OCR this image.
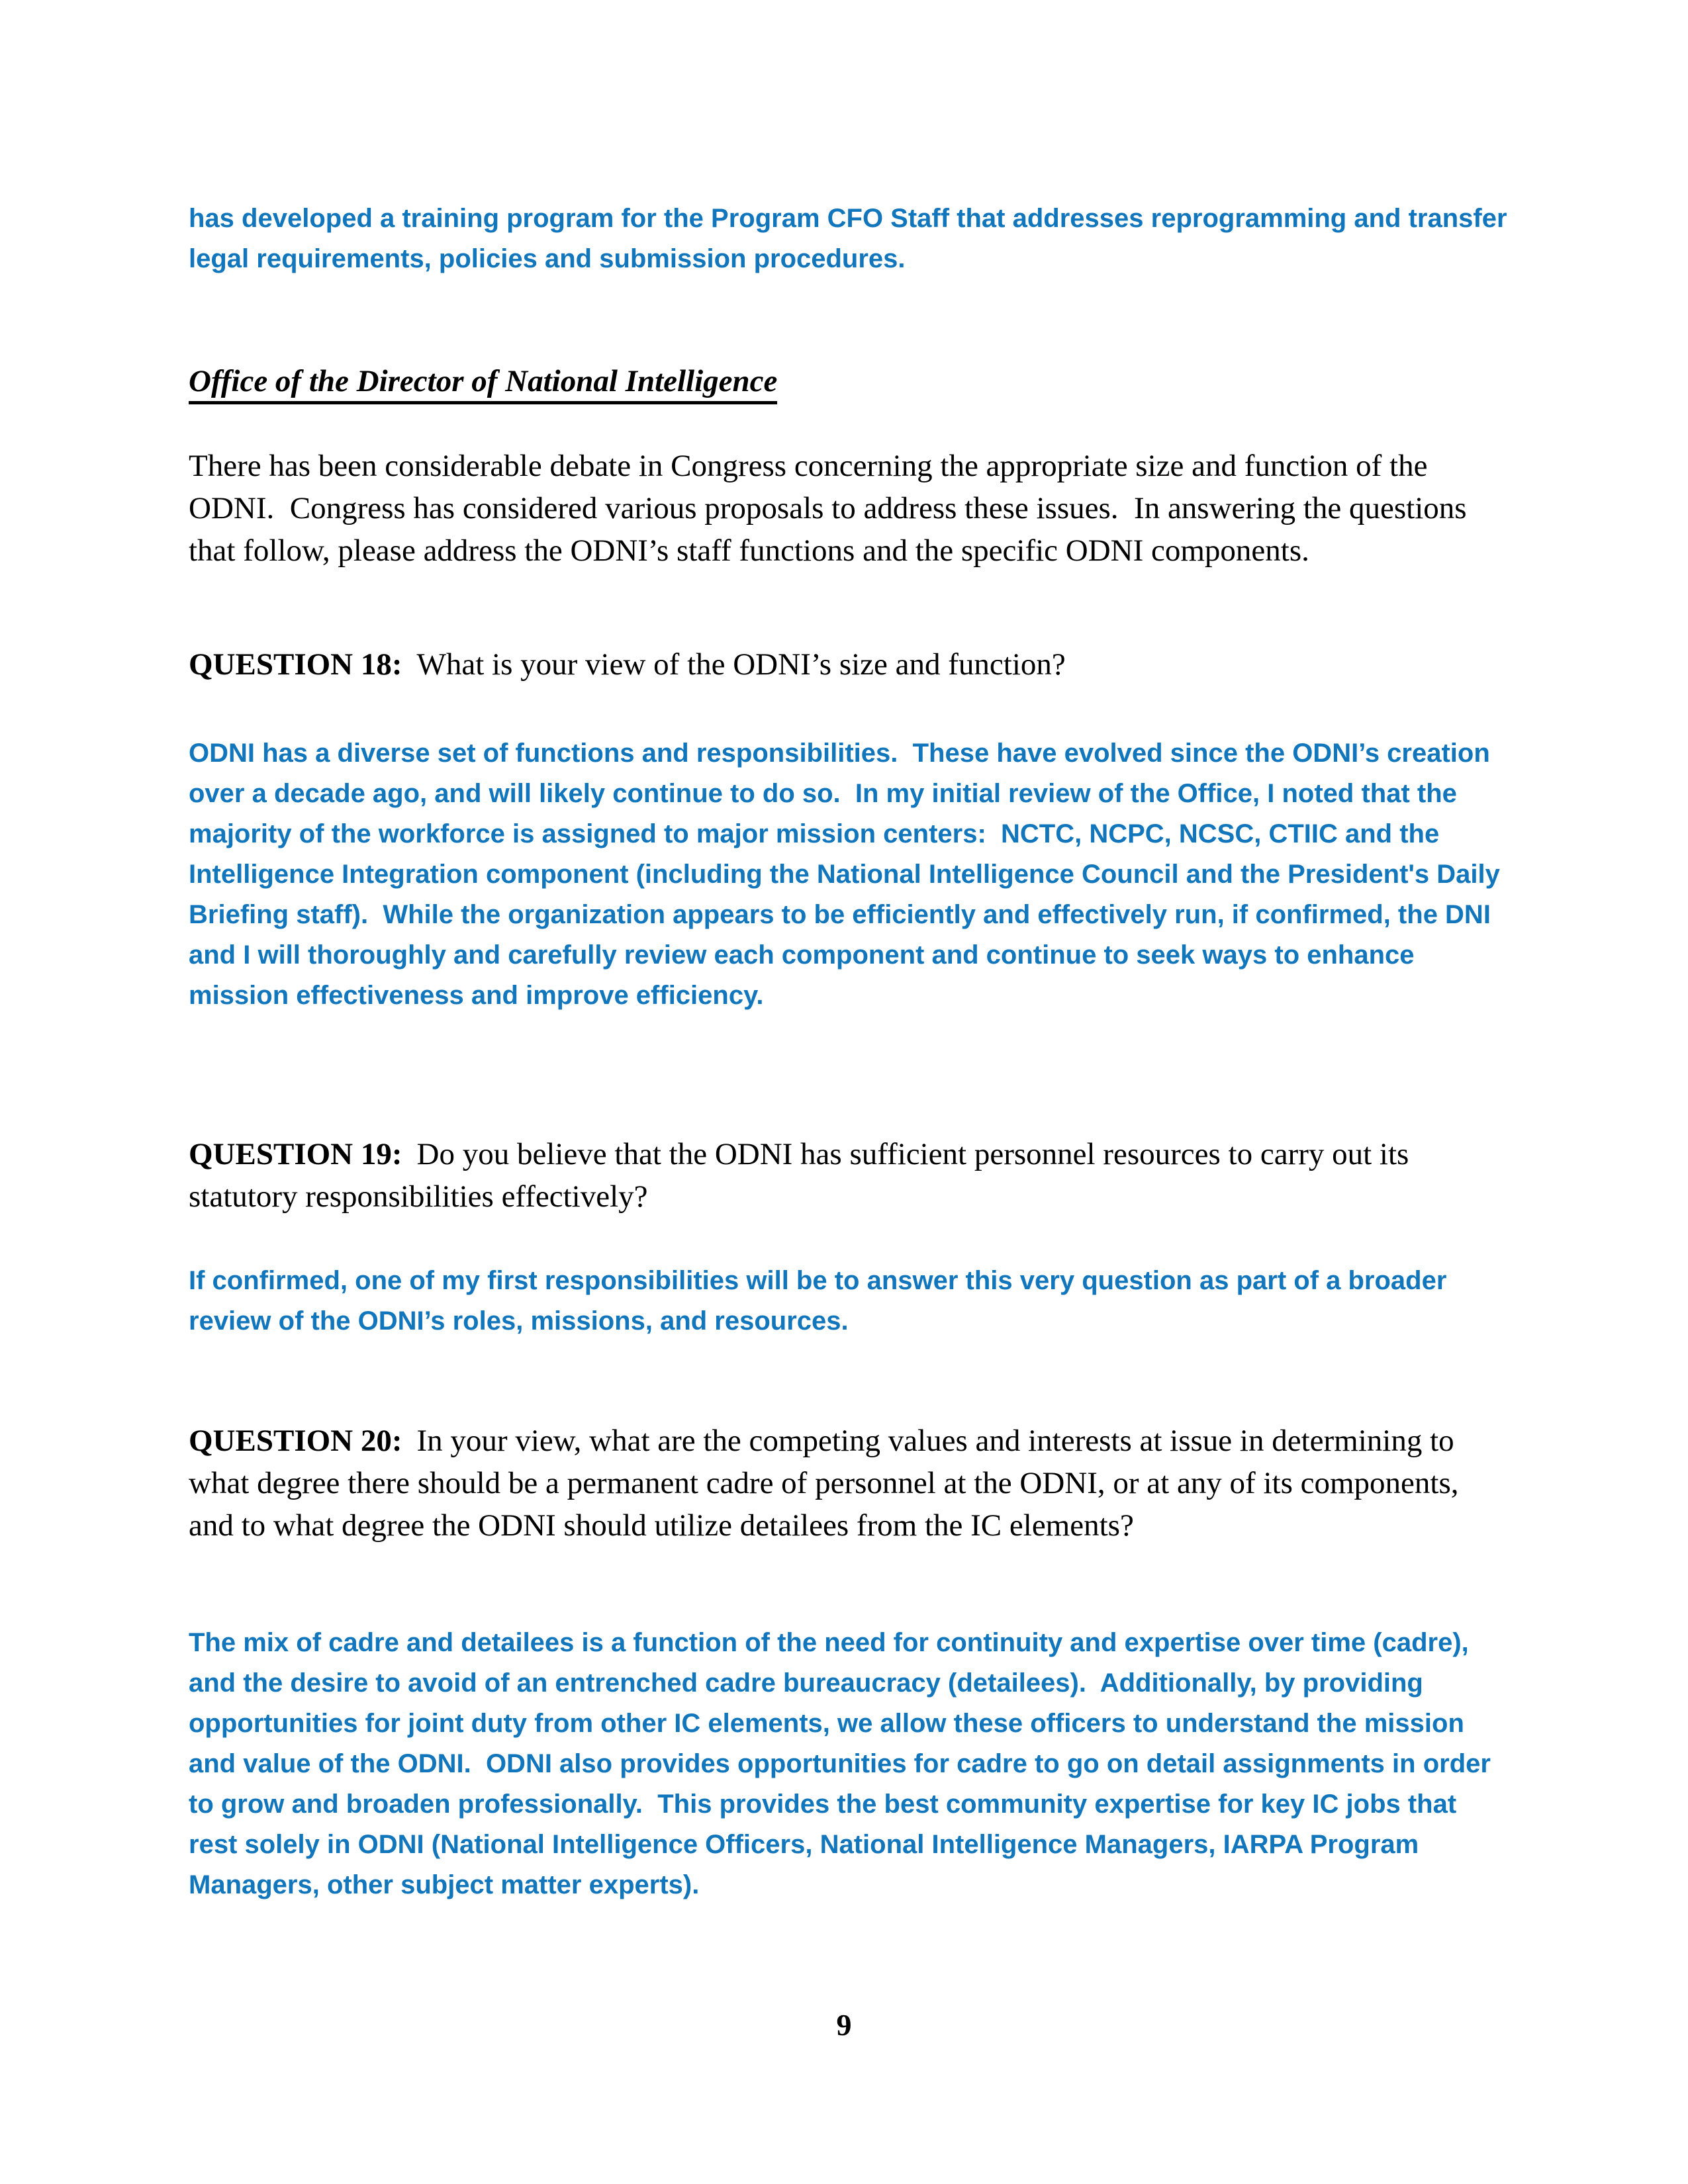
has developed a training program for the Program CFO Staff that addresses reprogramming and transfer legal requirements, policies and submission procedures.

Office of the Director of National Intelligence

There has been considerable debate in Congress concerning the appropriate size and function of the ODNI.  Congress has considered various proposals to address these issues.  In answering the questions that follow, please address the ODNI’s staff functions and the specific ODNI components.

QUESTION 18: What is your view of the ODNI’s size and function?

ODNI has a diverse set of functions and responsibilities.  These have evolved since the ODNI’s creation over a decade ago, and will likely continue to do so.  In my initial review of the Office, I noted that the majority of the workforce is assigned to major mission centers:  NCTC, NCPC, NCSC, CTIIC and the Intelligence Integration component (including the National Intelligence Council and the President's Daily Briefing staff).  While the organization appears to be efficiently and effectively run, if confirmed, the DNI and I will thoroughly and carefully review each component and continue to seek ways to enhance mission effectiveness and improve efficiency.

QUESTION 19: Do you believe that the ODNI has sufficient personnel resources to carry out its statutory responsibilities effectively?

If confirmed, one of my first responsibilities will be to answer this very question as part of a broader review of the ODNI’s roles, missions, and resources.

QUESTION 20: In your view, what are the competing values and interests at issue in determining to what degree there should be a permanent cadre of personnel at the ODNI, or at any of its components, and to what degree the ODNI should utilize detailees from the IC elements?

The mix of cadre and detailees is a function of the need for continuity and expertise over time (cadre), and the desire to avoid of an entrenched cadre bureaucracy (detailees).  Additionally, by providing opportunities for joint duty from other IC elements, we allow these officers to understand the mission and value of the ODNI.  ODNI also provides opportunities for cadre to go on detail assignments in order to grow and broaden professionally.  This provides the best community expertise for key IC jobs that rest solely in ODNI (National Intelligence Officers, National Intelligence Managers, IARPA Program Managers, other subject matter experts).

9
